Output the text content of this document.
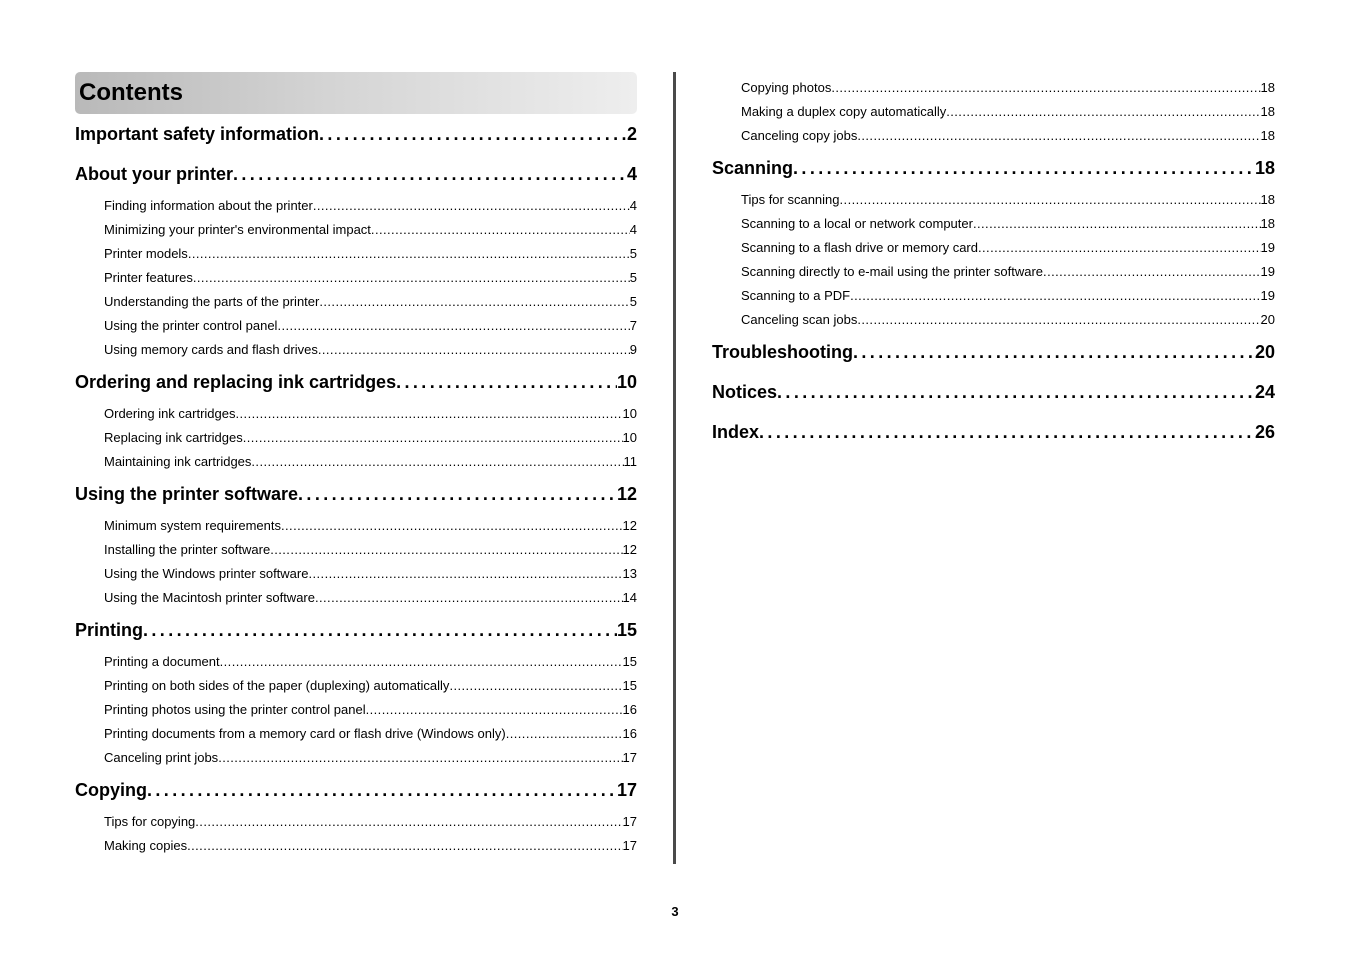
Contents
Important safety information . . .	2
About your printer . . .	4
Finding information about the printer . . .	4
Minimizing your printer's environmental impact . . .	4
Printer models . . .	5
Printer features . . .	5
Understanding the parts of the printer . . .	5
Using the printer control panel . . .	7
Using memory cards and flash drives . . .	9
Ordering and replacing ink cartridges . . .	10
Ordering ink cartridges . . .	10
Replacing ink cartridges . . .	10
Maintaining ink cartridges . . .	11
Using the printer software . . .	12
Minimum system requirements . . .	12
Installing the printer software . . .	12
Using the Windows printer software . . .	13
Using the Macintosh printer software . . .	14
Printing . . .	15
Printing a document . . .	15
Printing on both sides of the paper (duplexing) automatically . . .	15
Printing photos using the printer control panel . . .	16
Printing documents from a memory card or flash drive (Windows only) . . .	16
Canceling print jobs . . .	17
Copying . . .	17
Tips for copying . . .	17
Making copies . . .	17
Copying photos . . .	18
Making a duplex copy automatically . . .	18
Canceling copy jobs . . .	18
Scanning . . .	18
Tips for scanning . . .	18
Scanning to a local or network computer . . .	18
Scanning to a flash drive or memory card . . .	19
Scanning directly to e-mail using the printer software . . .	19
Scanning to a PDF . . .	19
Canceling scan jobs . . .	20
Troubleshooting . . .	20
Notices . . .	24
Index . . .	26
3
